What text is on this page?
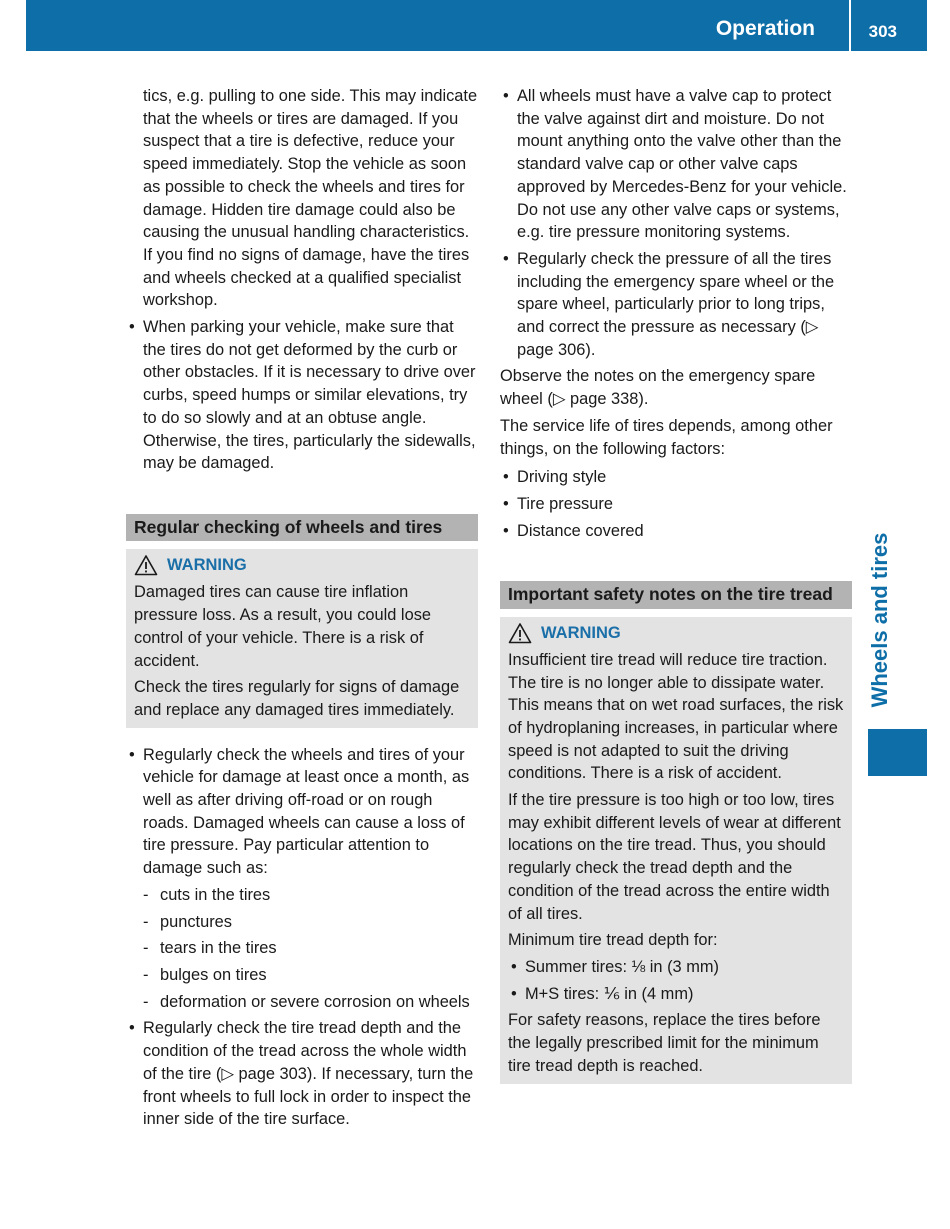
Operation	303

tics, e.g. pulling to one side. This may indicate that the wheels or tires are damaged. If you suspect that a tire is defective, reduce your speed immediately. Stop the vehicle as soon as possible to check the wheels and tires for damage. Hidden tire damage could also be causing the unusual handling characteristics. If you find no signs of damage, have the tires and wheels checked at a qualified specialist workshop.

• When parking your vehicle, make sure that the tires do not get deformed by the curb or other obstacles. If it is necessary to drive over curbs, speed humps or similar elevations, try to do so slowly and at an obtuse angle. Otherwise, the tires, particularly the sidewalls, may be damaged.
Regular checking of wheels and tires
WARNING

Damaged tires can cause tire inflation pressure loss. As a result, you could lose control of your vehicle. There is a risk of accident.

Check the tires regularly for signs of damage and replace any damaged tires immediately.

• Regularly check the wheels and tires of your vehicle for damage at least once a month, as well as after driving off-road or on rough roads. Damaged wheels can cause a loss of tire pressure. Pay particular attention to damage such as:
- cuts in the tires
- punctures
- tears in the tires
- bulges on tires
- deformation or severe corrosion on wheels
• Regularly check the tire tread depth and the condition of the tread across the whole width of the tire (▷ page 303). If necessary, turn the front wheels to full lock in order to inspect the inner side of the tire surface.
• All wheels must have a valve cap to protect the valve against dirt and moisture. Do not mount anything onto the valve other than the standard valve cap or other valve caps approved by Mercedes-Benz for your vehicle. Do not use any other valve caps or systems, e.g. tire pressure monitoring systems.
• Regularly check the pressure of all the tires including the emergency spare wheel or the spare wheel, particularly prior to long trips, and correct the pressure as necessary (▷ page 306).

Observe the notes on the emergency spare wheel (▷ page 338).

The service life of tires depends, among other things, on the following factors:

• Driving style
• Tire pressure
• Distance covered
Important safety notes on the tire tread
WARNING

Insufficient tire tread will reduce tire traction. The tire is no longer able to dissipate water. This means that on wet road surfaces, the risk of hydroplaning increases, in particular where speed is not adapted to suit the driving conditions. There is a risk of accident.

If the tire pressure is too high or too low, tires may exhibit different levels of wear at different locations on the tire tread. Thus, you should regularly check the tread depth and the condition of the tread across the entire width of all tires.

Minimum tire tread depth for:

• Summer tires: ⅛ in (3 mm)
• M+S tires: ⅙ in (4 mm)

For safety reasons, replace the tires before the legally prescribed limit for the minimum tire tread depth is reached.

Wheels and tires
